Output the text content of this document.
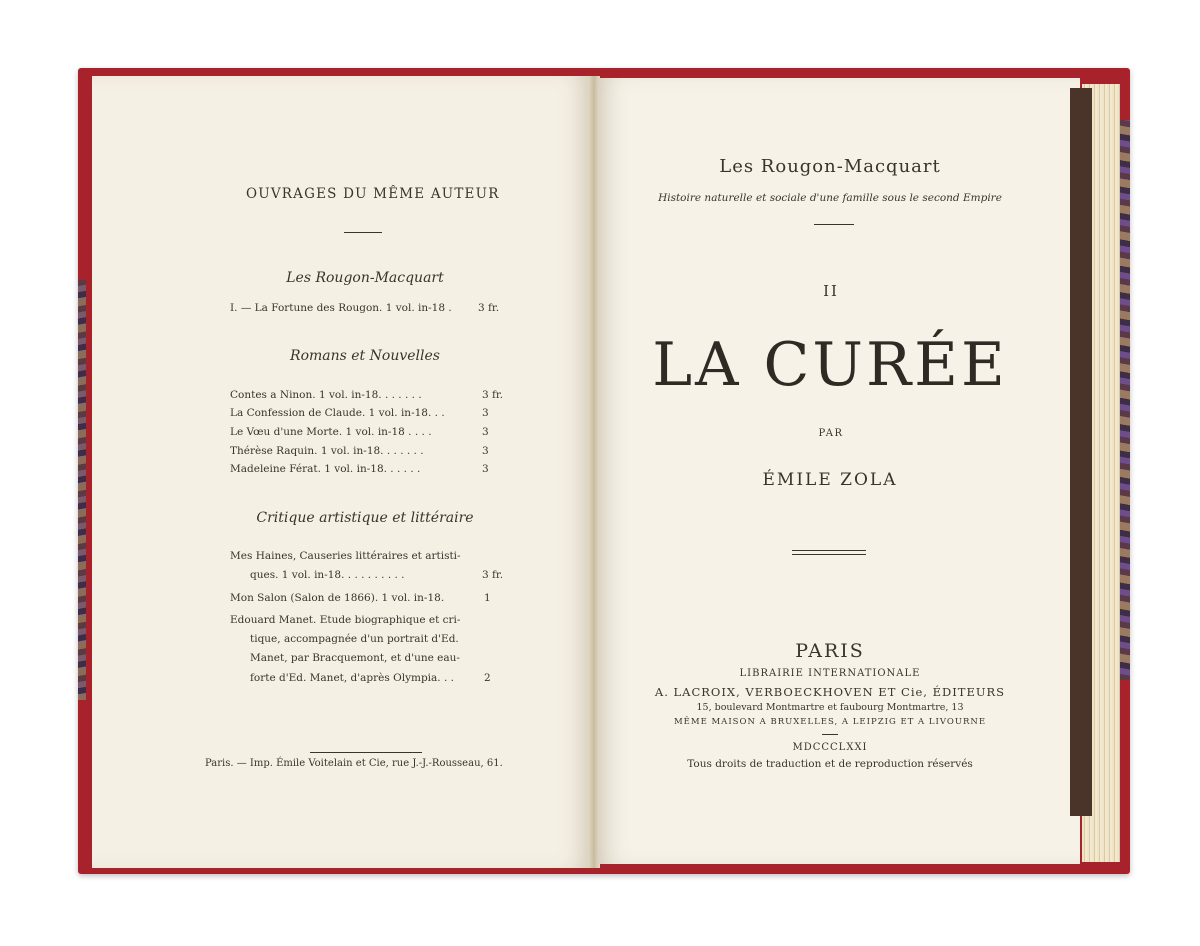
OUVRAGES DU MÊME AUTEUR
Les Rougon-Macquart
I. — La Fortune des Rougon. 1 vol. in-18 .	3 fr.
Romans et Nouvelles
Contes a Ninon. 1 vol. in-18. . . . . . .	3 fr.
La Confession de Claude. 1 vol. in-18. . .	3
Le Vœu d'une Morte. 1 vol. in-18 . . . .	3
Thérèse Raquin. 1 vol. in-18. . . . . . .	3
Madeleine Férat. 1 vol. in-18. . . . . .	3
Critique artistique et littéraire
Mes Haines, Causeries littéraires et artisti-
ques. 1 vol. in-18. . . . . . . . . .	3 fr.
Mon Salon (Salon de 1866). 1 vol. in-18.	1
Edouard Manet. Etude biographique et cri-
tique, accompagnée d'un portrait d'Ed.
Manet, par Bracquemont, et d'une eau-
forte d'Ed. Manet, d'après Olympia. . .	2
Paris. — Imp. Émile Voitelain et Cie, rue J.-J.-Rousseau, 61.
Les Rougon-Macquart
Histoire naturelle et sociale d'une famille sous le second Empire
II
LA CURÉE
PAR
ÉMILE ZOLA
PARIS
LIBRAIRIE INTERNATIONALE
A. LACROIX, VERBOECKHOVEN ET Cie, ÉDITEURS
15, boulevard Montmartre et faubourg Montmartre, 13
MÊME MAISON A BRUXELLES, A LEIPZIG ET A LIVOURNE
MDCCCLXXI
Tous droits de traduction et de reproduction réservés
